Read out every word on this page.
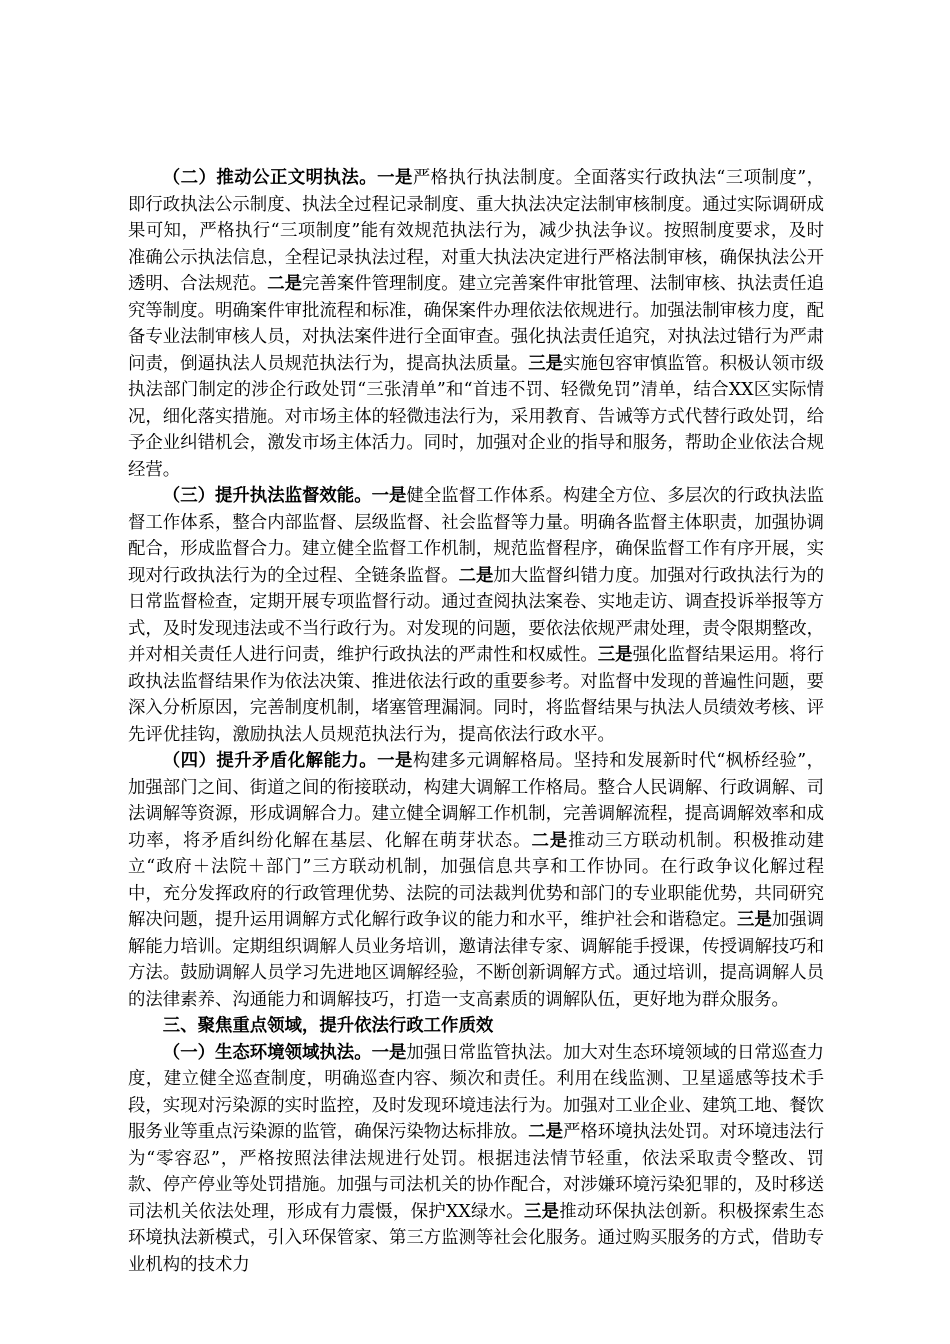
（二）推动公正文明执法。一是严格执行执法制度。全面落实行政执法“三项制度”，即行政执法公示制度、执法全过程记录制度、重大执法决定法制审核制度。通过实际调研成果可知，严格执行“三项制度”能有效规范执法行为，减少执法争议。按照制度要求，及时准确公示执法信息，全程记录执法过程，对重大执法决定进行严格法制审核，确保执法公开透明、合法规范。二是完善案件管理制度。建立完善案件审批管理、法制审核、执法责任追究等制度。明确案件审批流程和标准，确保案件办理依法依规进行。加强法制审核力度，配备专业法制审核人员，对执法案件进行全面审查。强化执法责任追究，对执法过错行为严肃问责，倒逼执法人员规范执法行为，提高执法质量。三是实施包容审慎监管。积极认领市级执法部门制定的涉企行政处罚“三张清单”和“首违不罚、轻微免罚”清单，结合XX区实际情况，细化落实措施。对市场主体的轻微违法行为，采用教育、告诫等方式代替行政处罚，给予企业纠错机会，激发市场主体活力。同时，加强对企业的指导和服务，帮助企业依法合规经营。

（三）提升执法监督效能。一是健全监督工作体系。构建全方位、多层次的行政执法监督工作体系，整合内部监督、层级监督、社会监督等力量。明确各监督主体职责，加强协调配合，形成监督合力。建立健全监督工作机制，规范监督程序，确保监督工作有序开展，实现对行政执法行为的全过程、全链条监督。二是加大监督纠错力度。加强对行政执法行为的日常监督检查，定期开展专项监督行动。通过查阅执法案卷、实地走访、调查投诉举报等方式，及时发现违法或不当行政行为。对发现的问题，要依法依规严肃处理，责令限期整改，并对相关责任人进行问责，维护行政执法的严肃性和权威性。三是强化监督结果运用。将行政执法监督结果作为依法决策、推进依法行政的重要参考。对监督中发现的普遍性问题，要深入分析原因，完善制度机制，堵塞管理漏洞。同时，将监督结果与执法人员绩效考核、评先评优挂钩，激励执法人员规范执法行为，提高依法行政水平。

（四）提升矛盾化解能力。一是构建多元调解格局。坚持和发展新时代“枫桥经验”，加强部门之间、街道之间的衔接联动，构建大调解工作格局。整合人民调解、行政调解、司法调解等资源，形成调解合力。建立健全调解工作机制，完善调解流程，提高调解效率和成功率，将矛盾纠纷化解在基层、化解在萌芽状态。二是推动三方联动机制。积极推动建立“政府＋法院＋部门”三方联动机制，加强信息共享和工作协同。在行政争议化解过程中，充分发挥政府的行政管理优势、法院的司法裁判优势和部门的专业职能优势，共同研究解决问题，提升运用调解方式化解行政争议的能力和水平，维护社会和谐稳定。三是加强调解能力培训。定期组织调解人员业务培训，邀请法律专家、调解能手授课，传授调解技巧和方法。鼓励调解人员学习先进地区调解经验，不断创新调解方式。通过培训，提高调解人员的法律素养、沟通能力和调解技巧，打造一支高素质的调解队伍，更好地为群众服务。

三、聚焦重点领域，提升依法行政工作质效

（一）生态环境领域执法。一是加强日常监管执法。加大对生态环境领域的日常巡查力度，建立健全巡查制度，明确巡查内容、频次和责任。利用在线监测、卫星遥感等技术手段，实现对污染源的实时监控，及时发现环境违法行为。加强对工业企业、建筑工地、餐饮服务业等重点污染源的监管，确保污染物达标排放。二是严格环境执法处罚。对环境违法行为“零容忍”，严格按照法律法规进行处罚。根据违法情节轻重，依法采取责令整改、罚款、停产停业等处罚措施。加强与司法机关的协作配合，对涉嫌环境污染犯罪的，及时移送司法机关依法处理，形成有力震慑，保护XX绿水。三是推动环保执法创新。积极探索生态环境执法新模式，引入环保管家、第三方监测等社会化服务。通过购买服务的方式，借助专业机构的技术力
